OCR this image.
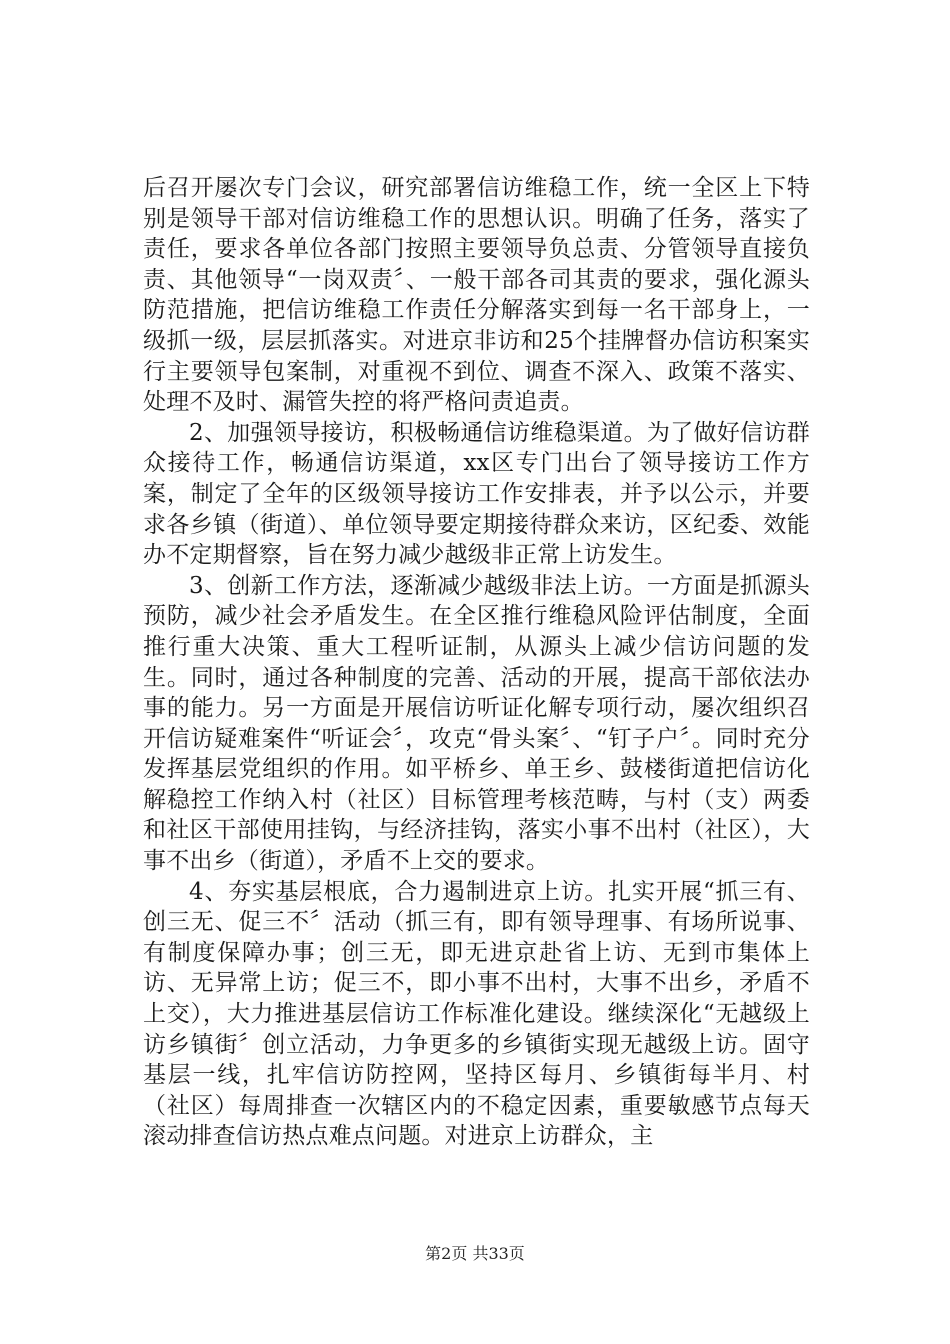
后召开屡次专门会议，研究部署信访维稳工作，统一全区上下特别是领导干部对信访维稳工作的思想认识。明确了任务，落实了责任，要求各单位各部门按照主要领导负总责、分管领导直接负责、其他领导“一岗双责〞、一般干部各司其责的要求，强化源头防范措施，把信访维稳工作责任分解落实到每一名干部身上，一级抓一级，层层抓落实。对进京非访和25个挂牌督办信访积案实行主要领导包案制，对重视不到位、调查不深入、政策不落实、处理不及时、漏管失控的将严格问责追责。

2、加强领导接访，积极畅通信访维稳渠道。为了做好信访群众接待工作，畅通信访渠道，xx区专门出台了领导接访工作方案，制定了全年的区级领导接访工作安排表，并予以公示，并要求各乡镇（街道）、单位领导要定期接待群众来访，区纪委、效能办不定期督察，旨在努力减少越级非正常上访发生。

3、创新工作方法，逐渐减少越级非法上访。一方面是抓源头预防，减少社会矛盾发生。在全区推行维稳风险评估制度，全面推行重大决策、重大工程听证制，从源头上减少信访问题的发生。同时，通过各种制度的完善、活动的开展，提高干部依法办事的能力。另一方面是开展信访听证化解专项行动，屡次组织召开信访疑难案件“听证会〞，攻克“骨头案〞、“钉子户〞。同时充分发挥基层党组织的作用。如平桥乡、单王乡、鼓楼街道把信访化解稳控工作纳入村（社区）目标管理考核范畴，与村（支）两委和社区干部使用挂钩，与经济挂钩，落实小事不出村（社区），大事不出乡（街道），矛盾不上交的要求。

4、夯实基层根底，合力遏制进京上访。扎实开展“抓三有、创三无、促三不〞活动（抓三有，即有领导理事、有场所说事、有制度保障办事；创三无，即无进京赴省上访、无到市集体上访、无异常上访；促三不，即小事不出村，大事不出乡，矛盾不上交），大力推进基层信访工作标准化建设。继续深化“无越级上访乡镇街〞创立活动，力争更多的乡镇街实现无越级上访。固守基层一线，扎牢信访防控网，坚持区每月、乡镇街每半月、村（社区）每周排查一次辖区内的不稳定因素，重要敏感节点每天滚动排查信访热点难点问题。对进京上访群众，主

第2页 共33页
